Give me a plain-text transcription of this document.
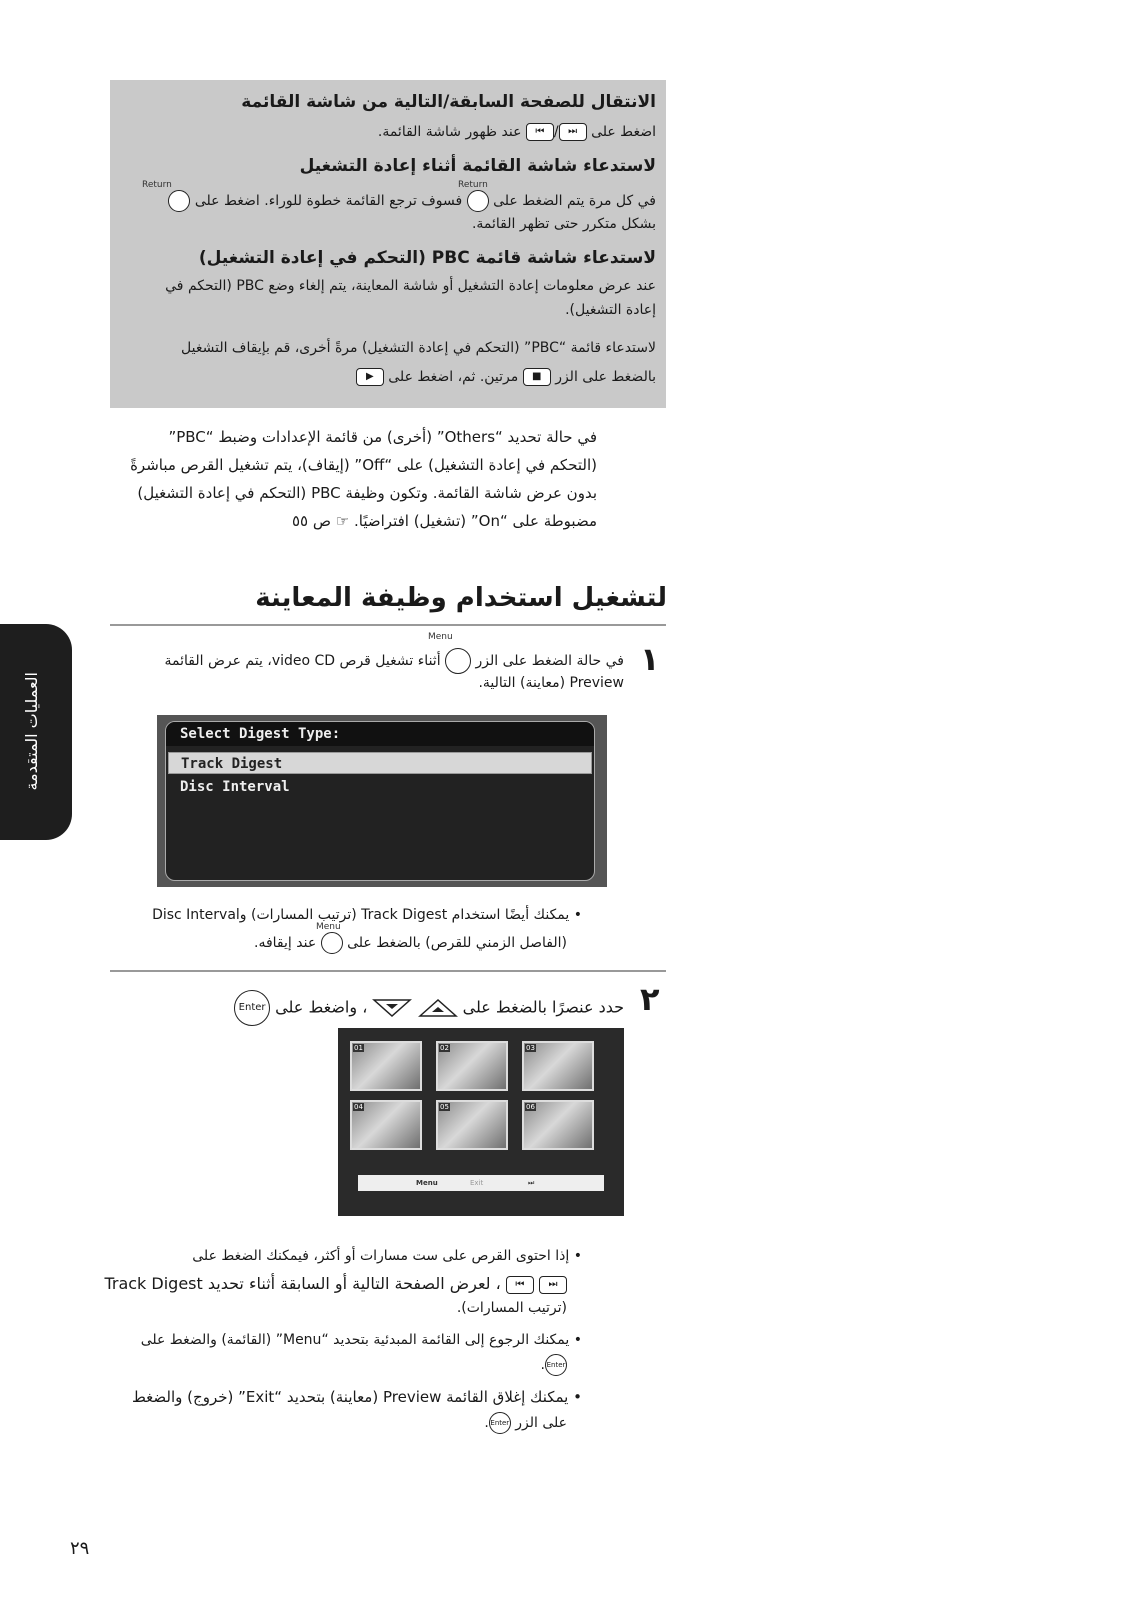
الانتقال للصفحة السابقة/التالية من شاشة القائمة
اضغط على ⏭/⏮ عند ظهور شاشة القائمة.
لاستدعاء شاشة القائمة أثناء إعادة التشغيل
Return
Return
في كل مرة يتم الضغط على  فسوف ترجع القائمة خطوة للوراء. اضغط على
بشكل متكرر حتى تظهر القائمة.
لاستدعاء شاشة قائمة PBC (التحكم في إعادة التشغيل)
عند عرض معلومات إعادة التشغيل أو شاشة المعاينة، يتم إلغاء وضع PBC (التحكم في
إعادة التشغيل).
لاستدعاء قائمة “PBC” (التحكم في إعادة التشغيل) مرةً أخرى، قم بإيقاف التشغيل
بالضغط على الزر ■ مرتين. ثم، اضغط على ▶
في حالة تحديد “Others” (أخرى) من قائمة الإعدادات وضبط “PBC”
(التحكم في إعادة التشغيل) على “Off” (إيقاف)، يتم تشغيل القرص مباشرةً
بدون عرض شاشة القائمة. وتكون وظيفة PBC (التحكم في إعادة التشغيل)
مضبوطة على “On” (تشغيل) افتراضيًا. ☞ ص ٥٥
لتشغيل استخدام وظيفة المعاينة
العمليات المتقدمة
١
Menu
في حالة الضغط على الزر  أثناء تشغيل قرص video CD، يتم عرض القائمة
Preview (معاينة) التالية.
Select Digest Type:
Track Digest
Disc Interval
• يمكنك أيضًا استخدام Track Digest (ترتيب المسارات) وDisc Interval
Menu
(الفاصل الزمني للقرص) بالضغط على  عند إيقافه.
٢
حدد عنصرًا بالضغط على   ، واضغط على Enter
01	02	03
04	05	06
Menu	Exit	⏭
• إذا احتوى القرص على ست مسارات أو أكثر، فيمكنك الضغط على
⏭ ⏮ ، لعرض الصفحة التالية أو السابقة أثناء تحديد Track Digest
(ترتيب المسارات).
• يمكنك الرجوع إلى القائمة المبدئية بتحديد “Menu” (القائمة) والضغط على
Enter.
• يمكنك إغلاق القائمة Preview (معاينة) بتحديد “Exit” (خروج) والضغط
على الزر Enter.
٢٩
